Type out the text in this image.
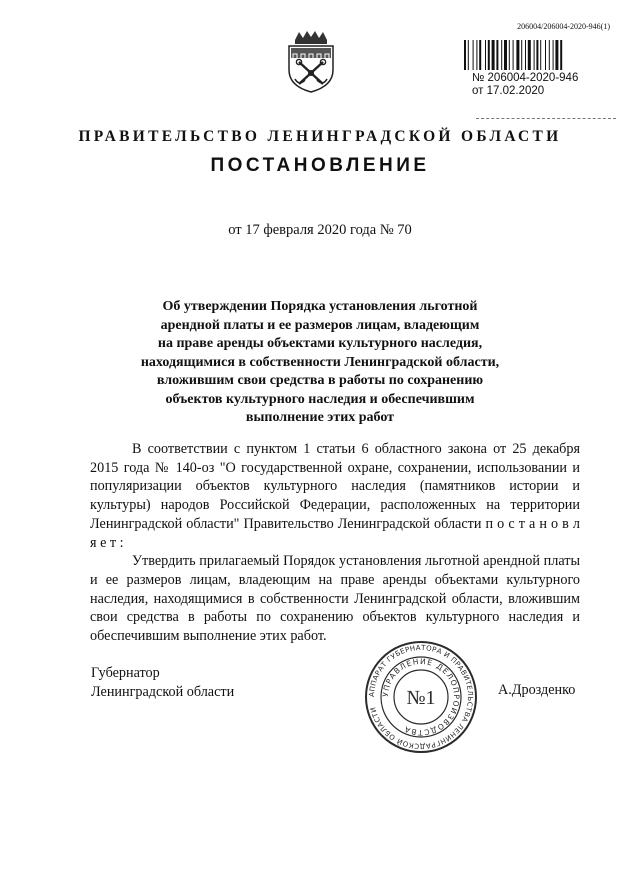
206004/206004-2020-946(1)
№ 206004-2020-946
от 17.02.2020
ПРАВИТЕЛЬСТВО ЛЕНИНГРАДСКОЙ ОБЛАСТИ
ПОСТАНОВЛЕНИЕ
от 17 февраля 2020 года № 70
Об утверждении Порядка установления льготной
арендной платы и ее размеров лицам, владеющим
на праве аренды объектами культурного наследия,
находящимися в собственности Ленинградской области,
вложившим свои средства в работы по сохранению
объектов культурного наследия и обеспечившим
выполнение этих работ

В соответствии с пунктом 1 статьи 6 областного закона от 25 декабря 2015 года № 140-оз "О государственной охране, сохранении, использовании и популяризации объектов культурного наследия (памятников истории и культуры) народов Российской Федерации, расположенных на территории Ленинградской области" Правительство Ленинградской области п о с т а н о в л я е т :

Утвердить прилагаемый Порядок установления льготной арендной платы и ее размеров лицам, владеющим на праве аренды объектами культурного наследия, находящимися в собственности Ленинградской области, вложившим свои средства в работы по сохранению объектов культурного наследия и обеспечившим выполнение этих работ.

Губернатор
Ленинградской области	А.Дрозденко
АППАРАТ ГУБЕРНАТОРА И ПРАВИТЕЛЬСТВА ЛЕНИНГРАДСКОЙ ОБЛАСТИ
УПРАВЛЕНИЕ ДЕЛОПРОИЗВОДСТВА
№1
